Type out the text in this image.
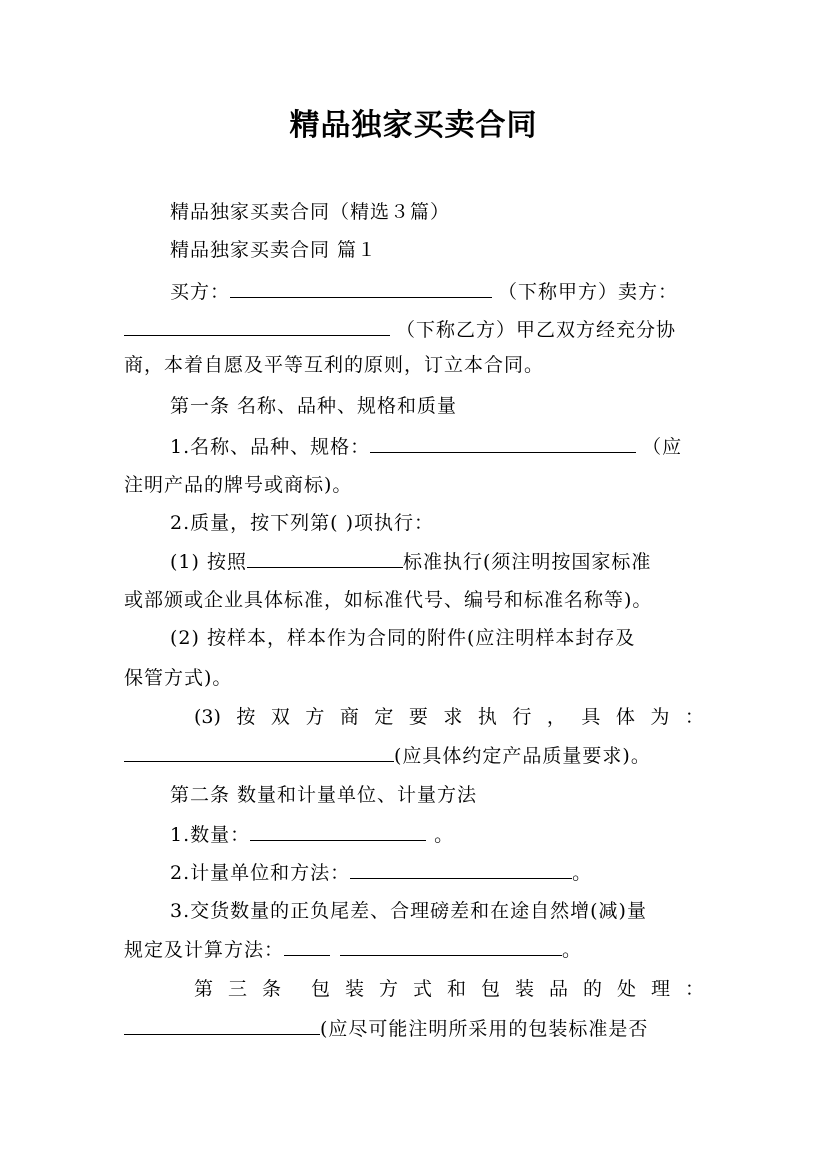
精品独家买卖合同
精品独家买卖合同（精选３篇）
精品独家买卖合同 篇１
买方：	（下称甲方）卖方：
（下称乙方）甲乙双方经充分协
商，本着自愿及平等互利的原则，订立本合同。
第一条 名称、品种、规格和质量
1.名称、品种、规格：	（应
注明产品的牌号或商标)。
2.质量，按下列第( )项执行：
(1) 按照	标准执行(须注明按国家标准
或部颁或企业具体标准，如标准代号、编号和标准名称等)。
(2) 按样本，样本作为合同的附件(应注明样本封存及
保管方式)。
(3) 按 双 方 商 定 要 求 执 行 ， 具 体 为 ：
(应具体约定产品质量要求)。
第二条 数量和计量单位、计量方法
1.数量：	。
2.计量单位和方法：	。
3.交货数量的正负尾差、合理磅差和在途自然增(减)量
规定及计算方法：	。
第 三 条 包 装 方 式 和 包 装 品 的 处 理 ：
(应尽可能注明所采用的包装标准是否
